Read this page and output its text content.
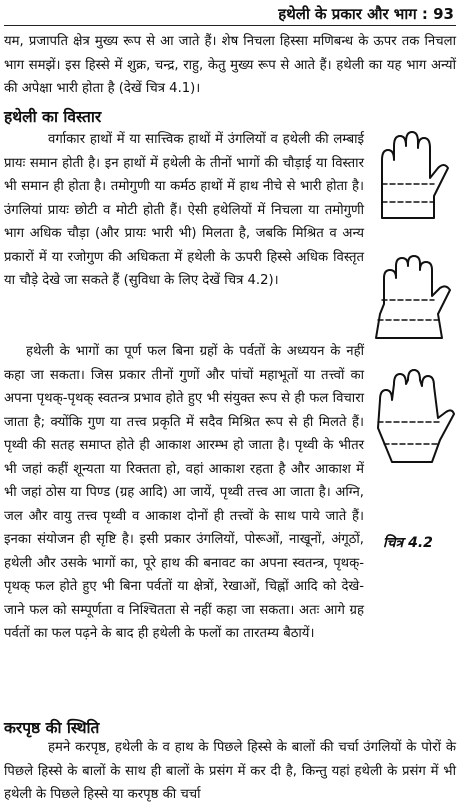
हथेली के प्रकार और भाग : 93

यम, प्रजापति क्षेत्र मुख्य रूप से आ जाते हैं। शेष निचला हिस्सा मणिबन्ध के ऊपर तक निचला भाग समझें। इस हिस्से में शुक्र, चन्द्र, राहु, केतु मुख्य रूप से आते हैं। हथेली का यह भाग अन्यों की अपेक्षा भारी होता है (देखें चित्र 4.1)।

हथेली का विस्तार

वर्गाकार हाथों में या सात्त्विक हाथों में उंगलियों व हथेली की लम्बाई प्रायः समान होती है। इन हाथों में हथेली के तीनों भागों की चौड़ाई या विस्तार भी समान ही होता है। तमोगुणी या कर्मठ हाथों में हाथ नीचे से भारी होता है। उंगलियां प्रायः छोटी व मोटी होती हैं। ऐसी हथेलियों में निचला या तमोगुणी भाग अधिक चौड़ा (और प्रायः भारी भी) मिलता है, जबकि मिश्रित व अन्य प्रकारों में या रजोगुण की अधिकता में हथेली के ऊपरी हिस्से अधिक विस्तृत या चौड़े देखे जा सकते हैं (सुविधा के लिए देखें चित्र 4.2)।

हथेली के भागों का पूर्ण फल बिना ग्रहों के पर्वतों के अध्ययन के नहीं कहा जा सकता। जिस प्रकार तीनों गुणों और पांचों महाभूतों या तत्त्वों का अपना पृथक्-पृथक् स्वतन्त्र प्रभाव होते हुए भी संयुक्त रूप से ही फल विचारा जाता है; क्योंकि गुण या तत्त्व प्रकृति में सदैव मिश्रित रूप से ही मिलते हैं। पृथ्वी की सतह समाप्त होते ही आकाश आरम्भ हो जाता है। पृथ्वी के भीतर भी जहां कहीं शून्यता या रिक्तता हो, वहां आकाश रहता है और आकाश में भी जहां ठोस या पिण्ड (ग्रह आदि) आ जायें, पृथ्वी तत्त्व आ जाता है। अग्नि, जल और वायु तत्त्व पृथ्वी व आकाश दोनों ही तत्त्वों के साथ पाये जाते हैं। इनका संयोजन ही सृष्टि है। इसी प्रकार उंगलियों, पोरूओं, नाखूनों, अंगूठों, हथेली और उसके भागों का, पूरे हाथ की बनावट का अपना स्वतन्त्र, पृथक्-पृथक् फल होते हुए भी बिना पर्वतों या क्षेत्रों, रेखाओं, चिह्नों आदि को देखे-जाने फल को सम्पूर्णता व निश्चितता से नहीं कहा जा सकता। अतः आगे ग्रह पर्वतों का फल पढ़ने के बाद ही हथेली के फलों का तारतम्य बैठायें।

चित्र 4.2
करपृष्ठ की स्थिति

हमने करपृष्ठ, हथेली के व हाथ के पिछले हिस्से के बालों की चर्चा उंगलियों के पोरों के पिछले हिस्से के बालों के साथ ही बालों के प्रसंग में कर दी है, किन्तु यहां हथेली के प्रसंग में भी हथेली के पिछले हिस्से या करपृष्ठ की चर्चा
